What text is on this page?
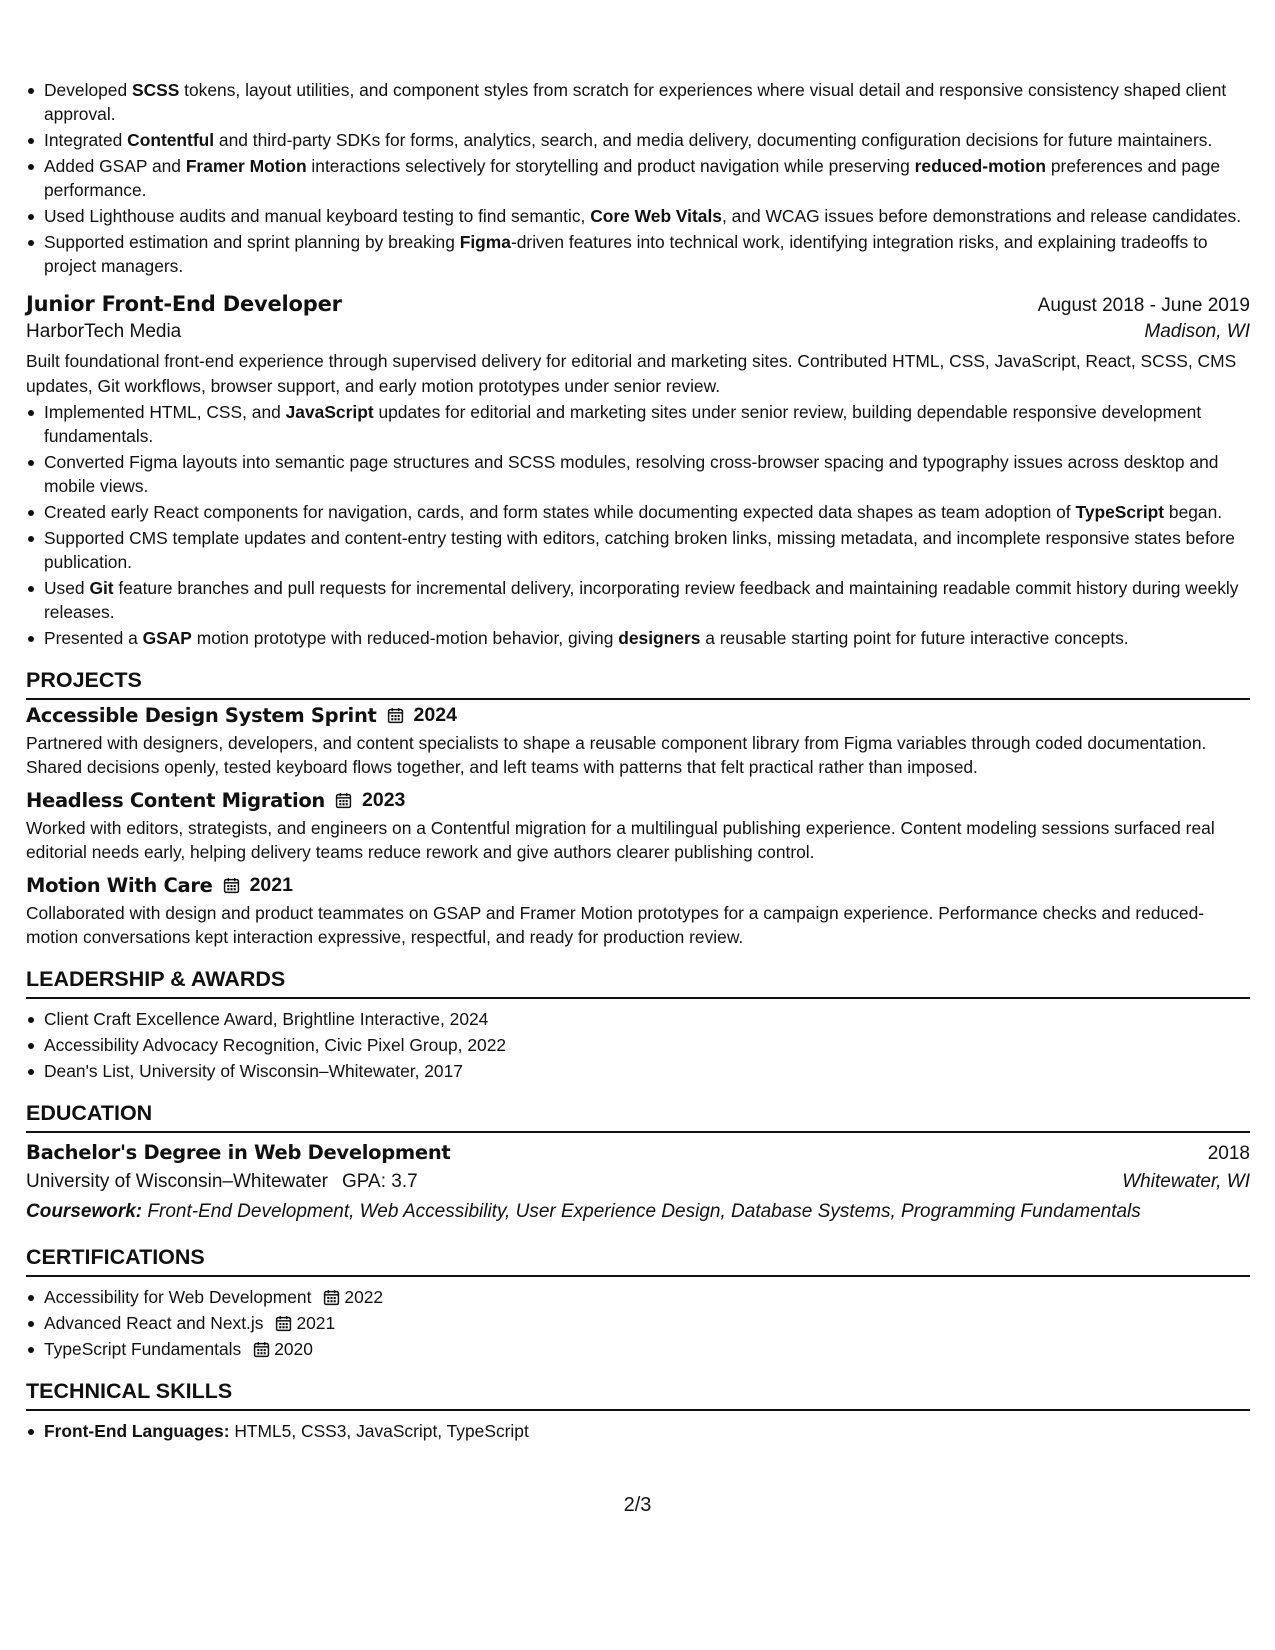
Developed SCSS tokens, layout utilities, and component styles from scratch for experiences where visual detail and responsive consistency shaped client approval.
Integrated Contentful and third-party SDKs for forms, analytics, search, and media delivery, documenting configuration decisions for future maintainers.
Added GSAP and Framer Motion interactions selectively for storytelling and product navigation while preserving reduced-motion preferences and page performance.
Used Lighthouse audits and manual keyboard testing to find semantic, Core Web Vitals, and WCAG issues before demonstrations and release candidates.
Supported estimation and sprint planning by breaking Figma-driven features into technical work, identifying integration risks, and explaining tradeoffs to project managers.
Junior Front-End Developer	August 2018 - June 2019
HarborTech Media	Madison, WI

Built foundational front-end experience through supervised delivery for editorial and marketing sites. Contributed HTML, CSS, JavaScript, React, SCSS, CMS updates, Git workflows, browser support, and early motion prototypes under senior review.

Implemented HTML, CSS, and JavaScript updates for editorial and marketing sites under senior review, building dependable responsive development fundamentals.
Converted Figma layouts into semantic page structures and SCSS modules, resolving cross-browser spacing and typography issues across desktop and mobile views.
Created early React components for navigation, cards, and form states while documenting expected data shapes as team adoption of TypeScript began.
Supported CMS template updates and content-entry testing with editors, catching broken links, missing metadata, and incomplete responsive states before publication.
Used Git feature branches and pull requests for incremental delivery, incorporating review feedback and maintaining readable commit history during weekly releases.
Presented a GSAP motion prototype with reduced-motion behavior, giving designers a reusable starting point for future interactive concepts.
PROJECTS
Accessible Design System Sprint 2024

Partnered with designers, developers, and content specialists to shape a reusable component library from Figma variables through coded documentation. Shared decisions openly, tested keyboard flows together, and left teams with patterns that felt practical rather than imposed.

Headless Content Migration 2023

Worked with editors, strategists, and engineers on a Contentful migration for a multilingual publishing experience. Content modeling sessions surfaced real editorial needs early, helping delivery teams reduce rework and give authors clearer publishing control.

Motion With Care 2021

Collaborated with design and product teammates on GSAP and Framer Motion prototypes for a campaign experience. Performance checks and reduced-motion conversations kept interaction expressive, respectful, and ready for production review.

LEADERSHIP & AWARDS
Client Craft Excellence Award, Brightline Interactive, 2024
Accessibility Advocacy Recognition, Civic Pixel Group, 2022
Dean's List, University of Wisconsin–Whitewater, 2017
EDUCATION
Bachelor's Degree in Web Development	2018
University of Wisconsin–Whitewater GPA: 3.7	Whitewater, WI
Coursework: Front-End Development, Web Accessibility, User Experience Design, Database Systems, Programming Fundamentals
CERTIFICATIONS
Accessibility for Web Development 2022
Advanced React and Next.js 2021
TypeScript Fundamentals 2020
TECHNICAL SKILLS
Front-End Languages: HTML5, CSS3, JavaScript, TypeScript
2/3
